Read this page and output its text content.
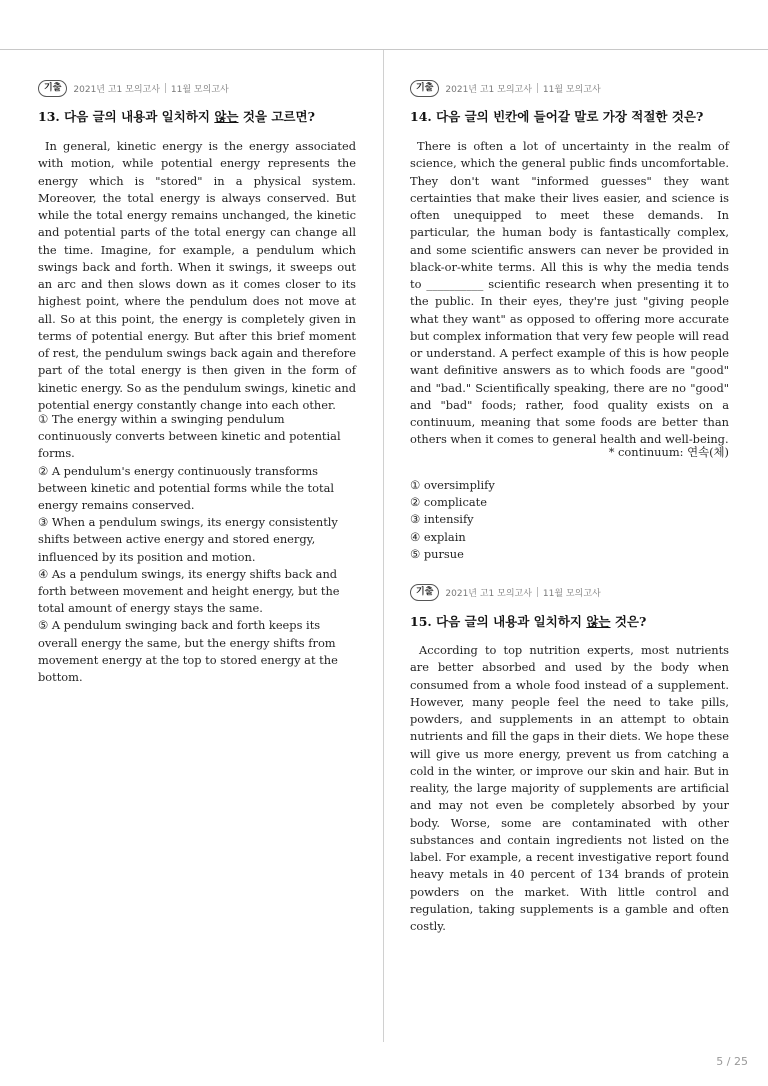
기출	2021년 고1 모의고사 11월 모의고사
13. 다음 글의 내용과 일치하지 않는 것을 고르면?

In general, kinetic energy is the energy associated with motion, while potential energy represents the energy which is "stored" in a physical system. Moreover, the total energy is always conserved. But while the total energy remains unchanged, the kinetic and potential parts of the total energy can change all the time. Imagine, for example, a pendulum which swings back and forth. When it swings, it sweeps out an arc and then slows down as it comes closer to its highest point, where the pendulum does not move at all. So at this point, the energy is completely given in terms of potential energy. But after this brief moment of rest, the pendulum swings back again and therefore part of the total energy is then given in the form of kinetic energy. So as the pendulum swings, kinetic and potential energy constantly change into each other.

① The energy within a swinging pendulum continuously converts between kinetic and potential forms.
② A pendulum's energy continuously transforms between kinetic and potential forms while the total energy remains conserved.
③ When a pendulum swings, its energy consistently shifts between active energy and stored energy, influenced by its position and motion.
④ As a pendulum swings, its energy shifts back and forth between movement and height energy, but the total amount of energy stays the same.
⑤ A pendulum swinging back and forth keeps its overall energy the same, but the energy shifts from movement energy at the top to stored energy at the bottom.
기출	2021년 고1 모의고사 11월 모의고사
14. 다음 글의 빈칸에 들어갈 말로 가장 적절한 것은?

There is often a lot of uncertainty in the realm of science, which the general public finds uncomfortable. They don't want "informed guesses" they want certainties that make their lives easier, and science is often unequipped to meet these demands. In particular, the human body is fantastically complex, and some scientific answers can never be provided in black-or-white terms. All this is why the media tends to __________ scientific research when presenting it to the public. In their eyes, they're just "giving people what they want" as opposed to offering more accurate but complex information that very few people will read or understand. A perfect example of this is how people want definitive answers as to which foods are "good" and "bad." Scientifically speaking, there are no "good" and "bad" foods; rather, food quality exists on a continuum, meaning that some foods are better than others when it comes to general health and well-being.

* continuum: 연속(체)
① oversimplify
② complicate
③ intensify
④ explain
⑤ pursue
기출	2021년 고1 모의고사 11월 모의고사
15. 다음 글의 내용과 일치하지 않는 것은?

According to top nutrition experts, most nutrients are better absorbed and used by the body when consumed from a whole food instead of a supplement. However, many people feel the need to take pills, powders, and supplements in an attempt to obtain nutrients and fill the gaps in their diets. We hope these will give us more energy, prevent us from catching a cold in the winter, or improve our skin and hair. But in reality, the large majority of supplements are artificial and may not even be completely absorbed by your body. Worse, some are contaminated with other substances and contain ingredients not listed on the label. For example, a recent investigative report found heavy metals in 40 percent of 134 brands of protein powders on the market. With little control and regulation, taking supplements is a gamble and often costly.

5 / 25
